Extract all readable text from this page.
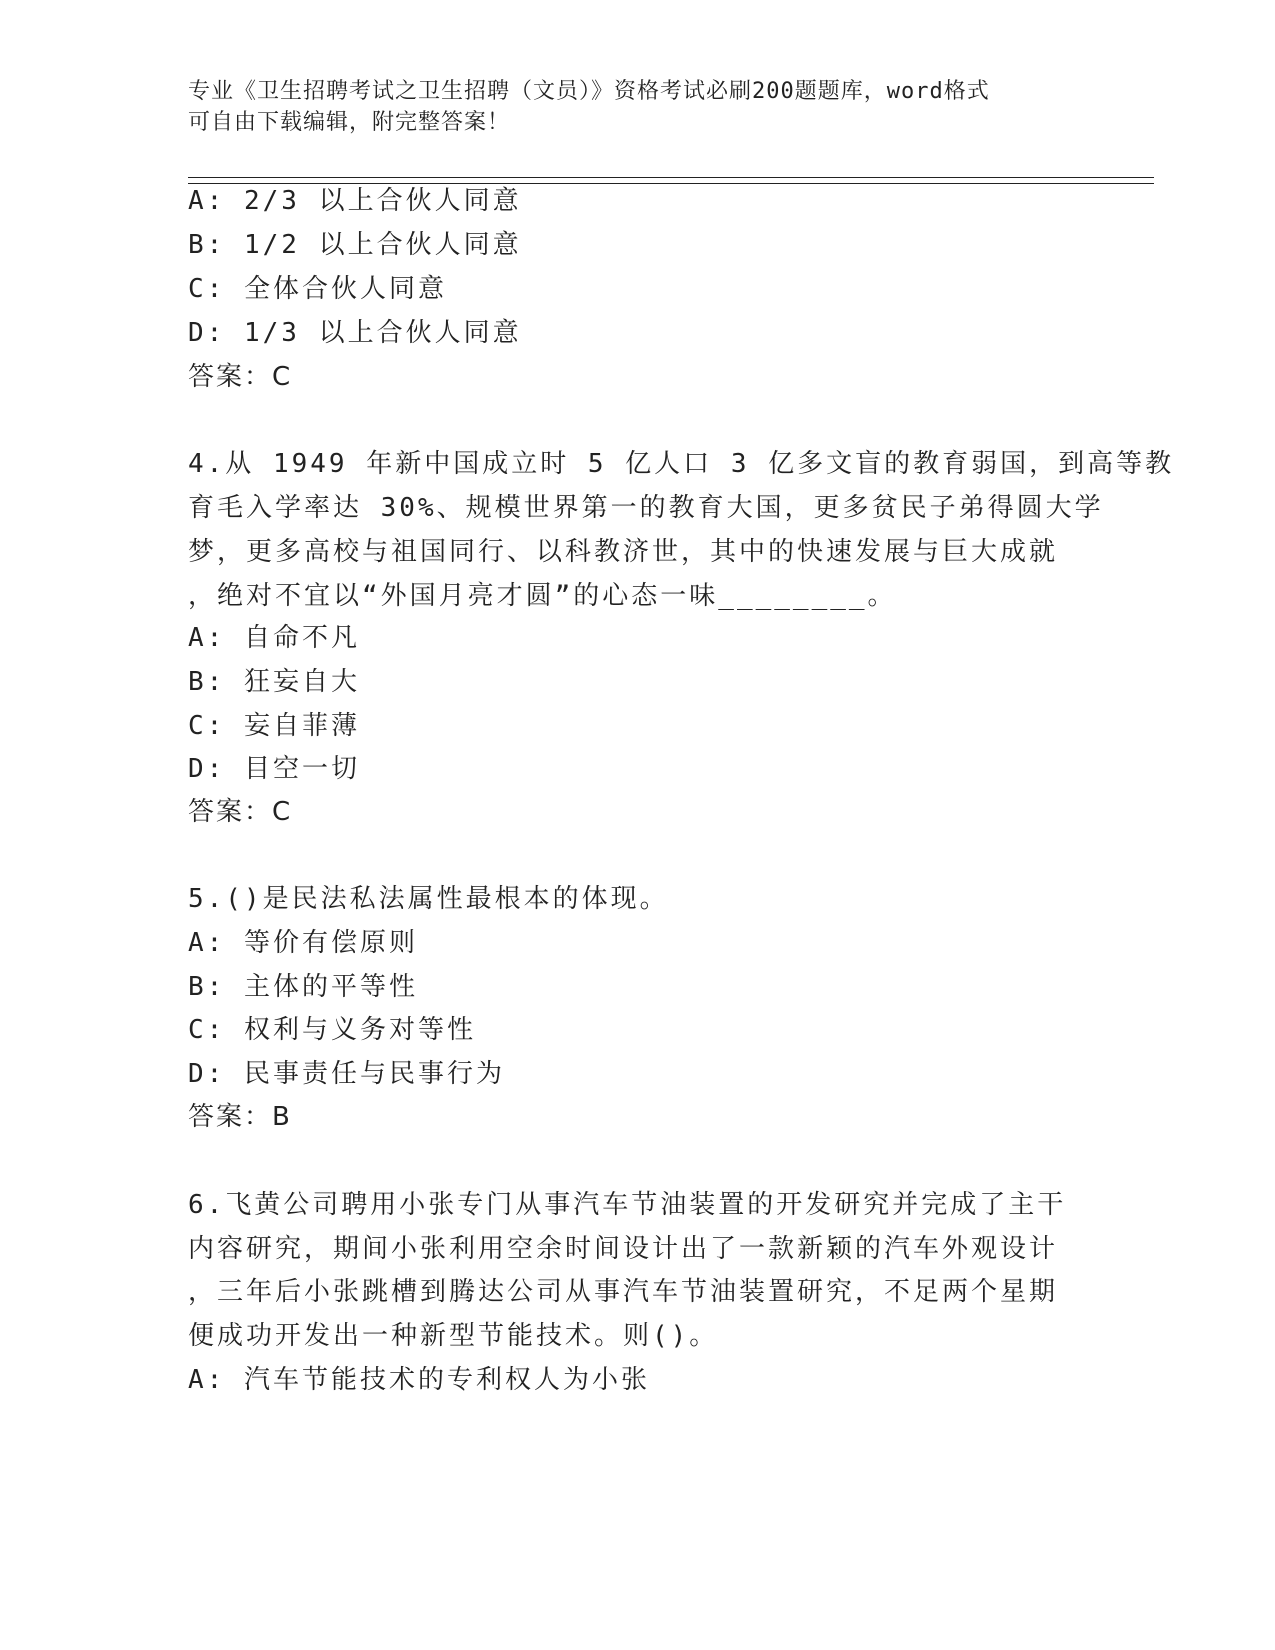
专业《卫生招聘考试之卫生招聘（文员）》资格考试必刷200题题库，word格式
可自由下载编辑，附完整答案！
A: 2/3 以上合伙人同意
B: 1/2 以上合伙人同意
C: 全体合伙人同意
D: 1/3 以上合伙人同意
答案：C
4.从 1949 年新中国成立时 5 亿人口 3 亿多文盲的教育弱国，到高等教
育毛入学率达 30%、规模世界第一的教育大国，更多贫民子弟得圆大学
梦，更多高校与祖国同行、以科教济世，其中的快速发展与巨大成就
，绝对不宜以“外国月亮才圆”的心态一味________。
A: 自命不凡
B: 狂妄自大
C: 妄自菲薄
D: 目空一切
答案：C
5.()是民法私法属性最根本的体现。
A: 等价有偿原则
B: 主体的平等性
C: 权利与义务对等性
D: 民事责任与民事行为
答案：B
6.飞黄公司聘用小张专门从事汽车节油装置的开发研究并完成了主干
内容研究，期间小张利用空余时间设计出了一款新颖的汽车外观设计
，三年后小张跳槽到腾达公司从事汽车节油装置研究，不足两个星期
便成功开发出一种新型节能技术。则()。
A: 汽车节能技术的专利权人为小张
